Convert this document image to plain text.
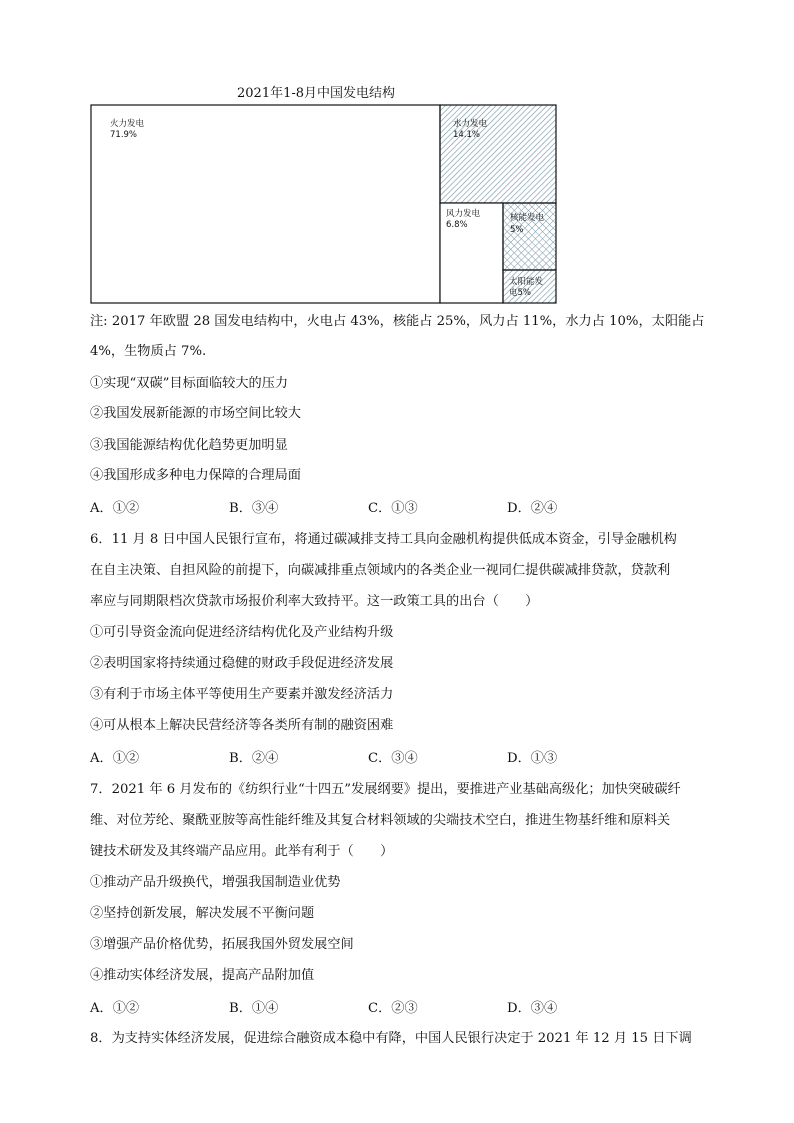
2021年1-8月中国发电结构
火力发电
71.9%
水力发电
14.1%
风力发电
6.8%
核能发电
5%
太阳能发
电5%
注: 2017 年欧盟 28 国发电结构中，火电占 43%，核能占 25%，风力占 11%，水力占 10%，太阳能占
4%，生物质占 7%.
①实现“双碳”目标面临较大的压力
②我国发展新能源的市场空间比较大
③我国能源结构优化趋势更加明显
④我国形成多种电力保障的合理局面
A．①②	B．③④	C．①③	D．②④
6．11 月 8 日中国人民银行宣布，将通过碳减排支持工具向金融机构提供低成本资金，引导金融机构
在自主决策、自担风险的前提下，向碳减排重点领域内的各类企业一视同仁提供碳减排贷款，贷款利
率应与同期限档次贷款市场报价利率大致持平。这一政策工具的出台（　　）
①可引导资金流向促进经济结构优化及产业结构升级
②表明国家将持续通过稳健的财政手段促进经济发展
③有利于市场主体平等使用生产要素并激发经济活力
④可从根本上解决民营经济等各类所有制的融资困难
A．①②	B．②④	C．③④	D．①③
7．2021 年 6 月发布的《纺织行业“十四五”发展纲要》提出，要推进产业基础高级化；加快突破碳纤
维、对位芳纶、聚酰亚胺等高性能纤维及其复合材料领域的尖端技术空白，推进生物基纤维和原料关
键技术研发及其终端产品应用。此举有利于（　　）
①推动产品升级换代，增强我国制造业优势
②坚持创新发展，解决发展不平衡问题
③增强产品价格优势，拓展我国外贸发展空间
④推动实体经济发展，提高产品附加值
A．①②	B．①④	C．②③	D．③④
8．为支持实体经济发展，促进综合融资成本稳中有降，中国人民银行决定于 2021 年 12 月 15 日下调
